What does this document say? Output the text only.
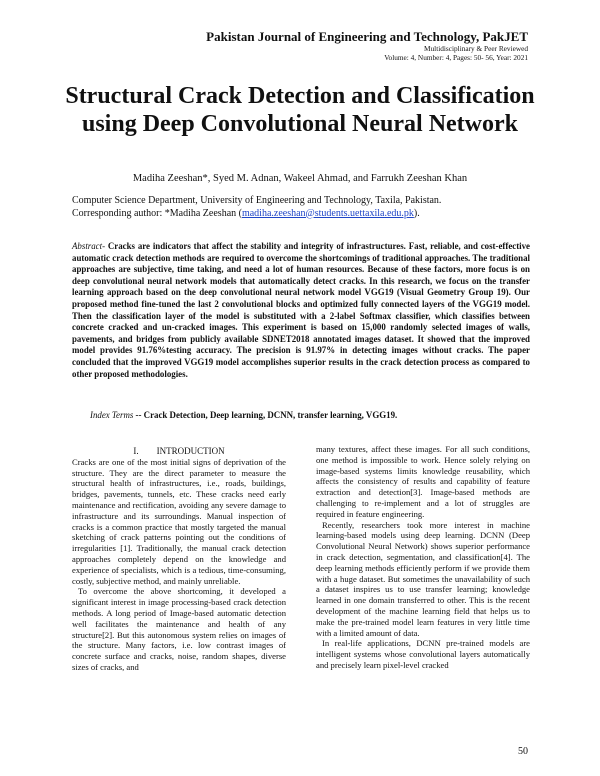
Pakistan Journal of Engineering and Technology, PakJET
Multidisciplinary & Peer Reviewed
Volume: 4, Number: 4, Pages: 50- 56, Year: 2021
Structural Crack Detection and Classification using Deep Convolutional Neural Network
Madiha Zeeshan*, Syed M. Adnan, Wakeel Ahmad, and Farrukh Zeeshan Khan
Computer Science Department, University of Engineering and Technology, Taxila, Pakistan.
Corresponding author: *Madiha Zeeshan (madiha.zeeshan@students.uettaxila.edu.pk).
Abstract- Cracks are indicators that affect the stability and integrity of infrastructures. Fast, reliable, and cost-effective automatic crack detection methods are required to overcome the shortcomings of traditional approaches. The traditional approaches are subjective, time taking, and need a lot of human resources. Because of these factors, more focus is on deep convolutional neural network models that automatically detect cracks. In this research, we focus on the transfer learning approach based on the deep convolutional neural network model VGG19 (Visual Geometry Group 19). Our proposed method fine-tuned the last 2 convolutional blocks and optimized fully connected layers of the VGG19 model. Then the classification layer of the model is substituted with a 2-label Softmax classifier, which classifies between concrete cracked and un-cracked images. This experiment is based on 15,000 randomly selected images of walls, pavements, and bridges from publicly available SDNET2018 annotated images dataset. It showed that the improved model provides 91.76%testing accuracy. The precision is 91.97% in detecting images without cracks. The paper concluded that the improved VGG19 model accomplishes superior results in the crack detection process as compared to other proposed methodologies.
Index Terms -- Crack Detection, Deep learning, DCNN, transfer learning, VGG19.

I.        INTRODUCTION

Cracks are one of the most initial signs of deprivation of the structure. They are the direct parameter to measure the structural health of infrastructures, i.e., roads, buildings, bridges, pavements, tunnels, etc. These cracks need early maintenance and rectification, avoiding any severe damage to infrastructure and its surroundings. Manual inspection of cracks is a common practice that mostly targeted the manual sketching of crack patterns pointing out the conditions of irregularities [1]. Traditionally, the manual crack detection approaches completely depend on the knowledge and experience of specialists, which is a tedious, time-consuming, costly, subjective method, and mainly unreliable.

To overcome the above shortcoming, it developed a significant interest in image processing-based crack detection methods. A long period of Image-based automatic detection well facilitates the maintenance and health of any structure[2]. But this autonomous system relies on images of the structure. Many factors, i.e. low contrast images of concrete surface and cracks, noise, random shapes, diverse sizes of cracks, and

many textures, affect these images. For all such conditions, one method is impossible to work. Hence solely relying on image-based systems limits knowledge reusability, which affects the consistency of results and capability of feature extraction and detection[3]. Image-based methods are challenging to re-implement and a lot of struggles are required in feature engineering.

Recently, researchers took more interest in machine learning-based models using deep learning. DCNN (Deep Convolutional Neural Network) shows superior performance in crack detection, segmentation, and classification[4]. The deep learning methods efficiently perform if we provide them with a huge dataset. But sometimes the unavailability of such a dataset inspires us to use transfer learning; knowledge learned in one domain transferred to other. This is the recent development of the machine learning field that helps us to make the pre-trained model learn features in very little time with a limited amount of data.

In real-life applications, DCNN pre-trained models are intelligent systems whose convolutional layers automatically and precisely learn pixel-level cracked

50
